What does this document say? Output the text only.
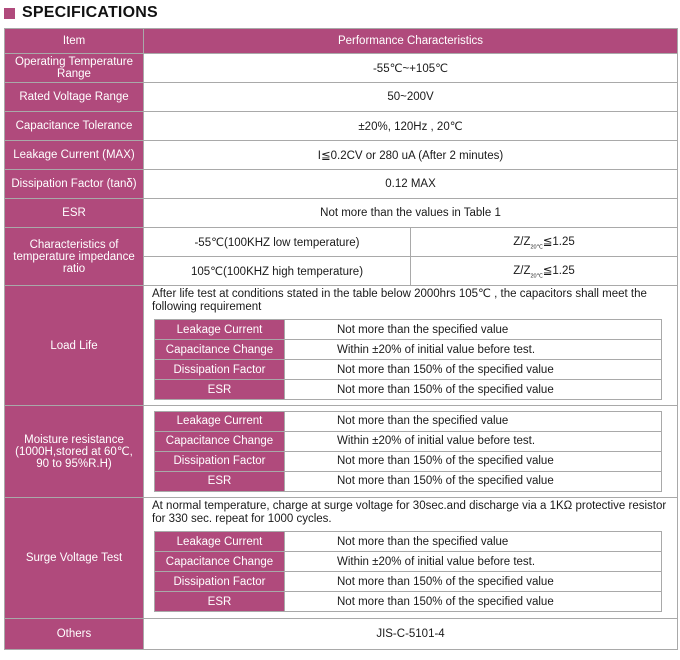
SPECIFICATIONS
Item	Performance Characteristics
Operating Temperature Range	-55℃~+105℃
Rated Voltage Range	50~200V
Capacitance Tolerance	±20%, 120Hz , 20℃
Leakage Current (MAX)	I≦0.2CV or 280 uA (After 2 minutes)
Dissipation Factor (tanδ)	0.12 MAX
ESR	Not more than the values in Table 1
Characteristics of temperature impedance ratio	-55℃(100KHZ low temperature)	$Z/Z_{20℃}≦1.25$
105℃(100KHZ high temperature)	$Z/Z_{20℃}≦1.25$
Load Life	
After life test at conditions stated in the table below 2000hrs 105℃ , the capacitors shall meet the following requirement
Leakage Current	Not more than the specified value
Capacitance Change	Within ±20% of initial value before test.
Dissipation Factor	Not more than 150% of the specified value
ESR	Not more than 150% of the specified value

Moisture resistance (1000H,stored at 60℃, 90 to 95%R.H)	
Leakage Current	Not more than the specified value
Capacitance Change	Within ±20% of initial value before test.
Dissipation Factor	Not more than 150% of the specified value
ESR	Not more than 150% of the specified value

Surge Voltage Test	
At normal temperature, charge at surge voltage for 30sec.and discharge via a 1KΩ protective resistor for 330 sec. repeat for 1000 cycles.
Leakage Current	Not more than the specified value
Capacitance Change	Within ±20% of initial value before test.
Dissipation Factor	Not more than 150% of the specified value
ESR	Not more than 150% of the specified value

Others	JIS-C-5101-4
